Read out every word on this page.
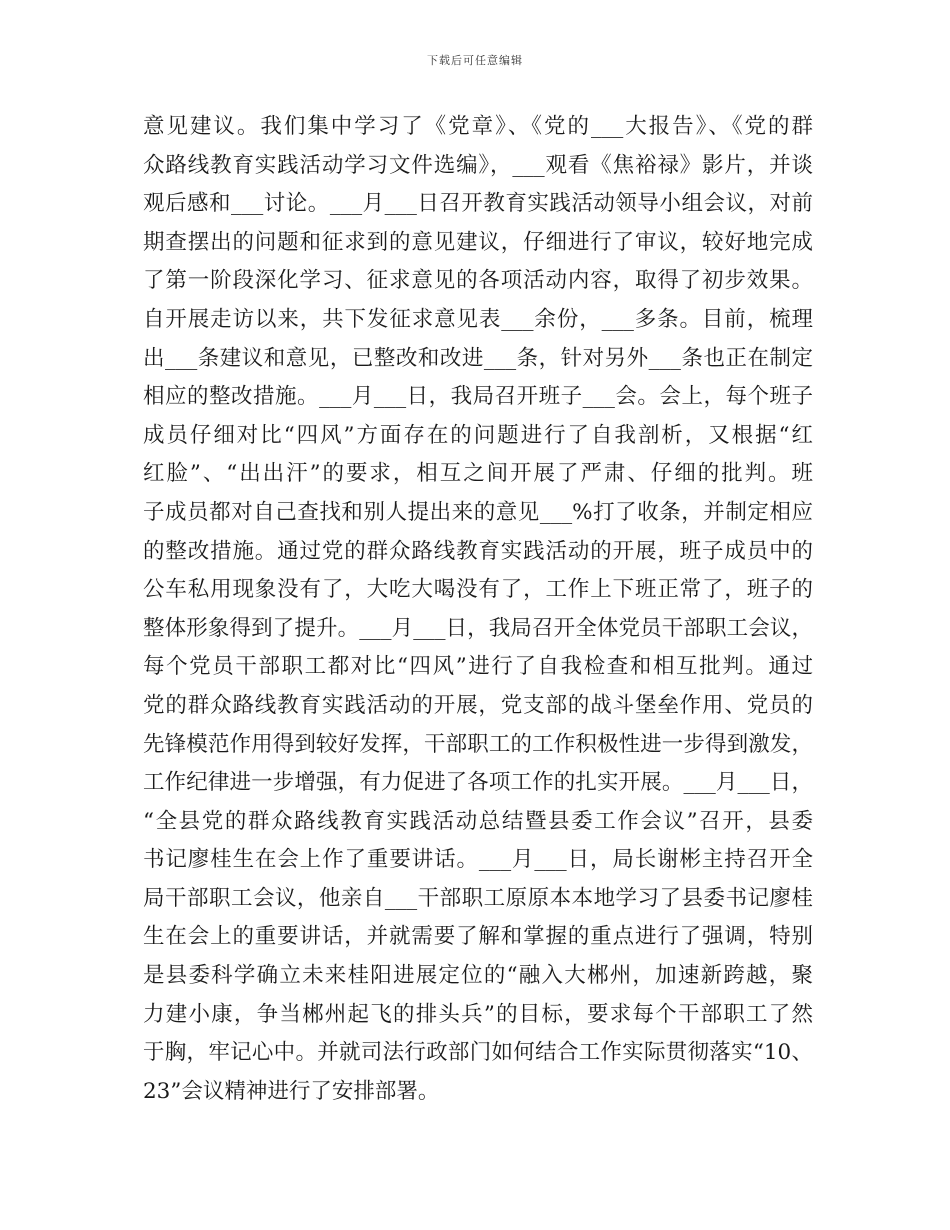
下载后可任意编辑
意见建议。我们集中学习了《党章》、《党的___大报告》、《党的群
众路线教育实践活动学习文件选编》，___观看《焦裕禄》影片，并谈
观后感和___讨论。___月___日召开教育实践活动领导小组会议，对前
期查摆出的问题和征求到的意见建议，仔细进行了审议，较好地完成
了第一阶段深化学习、征求意见的各项活动内容，取得了初步效果。
自开展走访以来，共下发征求意见表___余份，___多条。目前，梳理
出___条建议和意见，已整改和改进___条，针对另外___条也正在制定
相应的整改措施。___月___日，我局召开班子___会。会上，每个班子
成员仔细对比“四风”方面存在的问题进行了自我剖析，又根据“红
红脸”、“出出汗”的要求，相互之间开展了严肃、仔细的批判。班
子成员都对自己查找和别人提出来的意见___%打了收条，并制定相应
的整改措施。通过党的群众路线教育实践活动的开展，班子成员中的
公车私用现象没有了，大吃大喝没有了，工作上下班正常了，班子的
整体形象得到了提升。___月___日，我局召开全体党员干部职工会议，
每个党员干部职工都对比“四风”进行了自我检查和相互批判。通过
党的群众路线教育实践活动的开展，党支部的战斗堡垒作用、党员的
先锋模范作用得到较好发挥，干部职工的工作积极性进一步得到激发，
工作纪律进一步增强，有力促进了各项工作的扎实开展。___月___日，
“全县党的群众路线教育实践活动总结暨县委工作会议”召开，县委
书记廖桂生在会上作了重要讲话。___月___日，局长谢彬主持召开全
局干部职工会议，他亲自___干部职工原原本本地学习了县委书记廖桂
生在会上的重要讲话，并就需要了解和掌握的重点进行了强调，特别
是县委科学确立未来桂阳进展定位的“融入大郴州，加速新跨越，聚
力建小康，争当郴州起飞的排头兵”的目标，要求每个干部职工了然
于胸，牢记心中。并就司法行政部门如何结合工作实际贯彻落实“10、
23”会议精神进行了安排部署。
